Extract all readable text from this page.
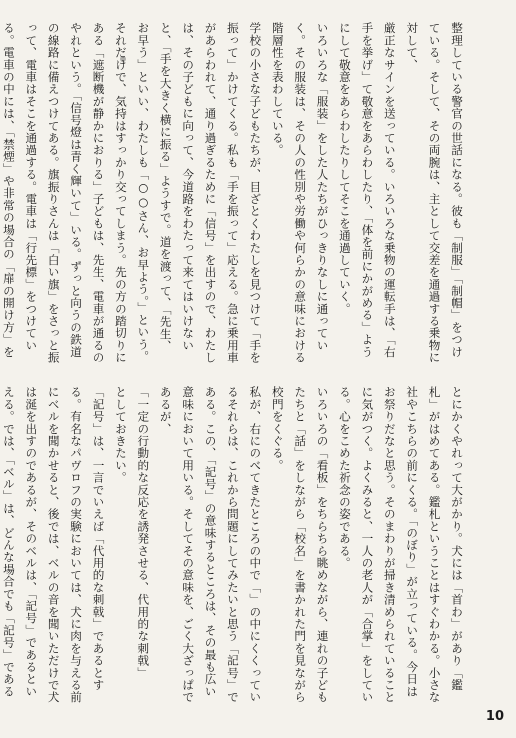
整理している警官の世話になる。彼も「制服」「制帽」をつけている。そして、その両腕は、主として交差を通過する乗物に対して、
厳正なサインを送っている。いろいろな乗物の運転手は、「右手を挙げ」て敬意をあらわしたり、「体を前にかがめる」ようにして敬意をあらわしたりしてそこを通過していく。
いろいろな「服装」をした人たちがひっきりなしに通っていく。その服装は、その人の性別や労働や何らかの意味における階層性を表わしている。
学校の小さな子どもたちが、目ざとくわたしを見つけて「手を振って」かけてくる。私も「手を振って」応える。急に乗用車があらわれて、通り過ぎるために「信号」を出すので、わたしは、その子どもに向って、今道路をわたって来てはいけないと、「手を大きく横に振る」ようすで。道を渡って、「先生、お早う」といい、わたしも「○○さん、お早よう。」という。それだけで、気持はすっかり交ってしまう。先の方の踏切りにある「遮断機が静かにおりる」子どもは、先生、電車が通るのやれという。「信号燈は青く輝いて」いる。ずっと向うの鉄道の線路に備えつけてある。旗振りさんは「白い旗」をさっと振って、電車はそこを通過する。電車は「行先標」をつけている。電車の中には、「禁煙」や非常の場合の「扉の開け方」を
とにかくやれって大がかり。犬には「首わ」があり「鑑札」がはめてある。鑑札ということはすぐわかる。小さな社やこちらの前にくる。「のぼり」が立っている。今日はお祭りだなと思う。そのまわりが掃き清められていることに気がつく。よくみると、一人の老人が「合掌」をしている。心をこめた祈念の姿である。
いろいろの「看板」をちらちら眺めながら、連れの子どもたちと「話」をしながら「校名」を書かれた門を見ながら校門をくぐる。
私が、右にのべてきたところの中で「」の中にくくっているそれらは、これから問題にしてみたいと思う「記号」である。この、「記号」の意味するところは、その最も広い意味において用いる。そしてその意味を、ごく大ざっぱであるが、
「一定の行動的な反応を誘発させる、代用的な刺戟」
としておきたい。
「記号」は、一言でいえば「代用的な刺戟」であるとする。有名なパヴロフの実験においては、犬に肉を与える前にベルを聞かせると、後では、ベルの音を聞いただけで犬は涎を出すのであるが、そのベルは、「記号」であるといえる。では、「ベル」は、どんな場合でも「記号」である
10
